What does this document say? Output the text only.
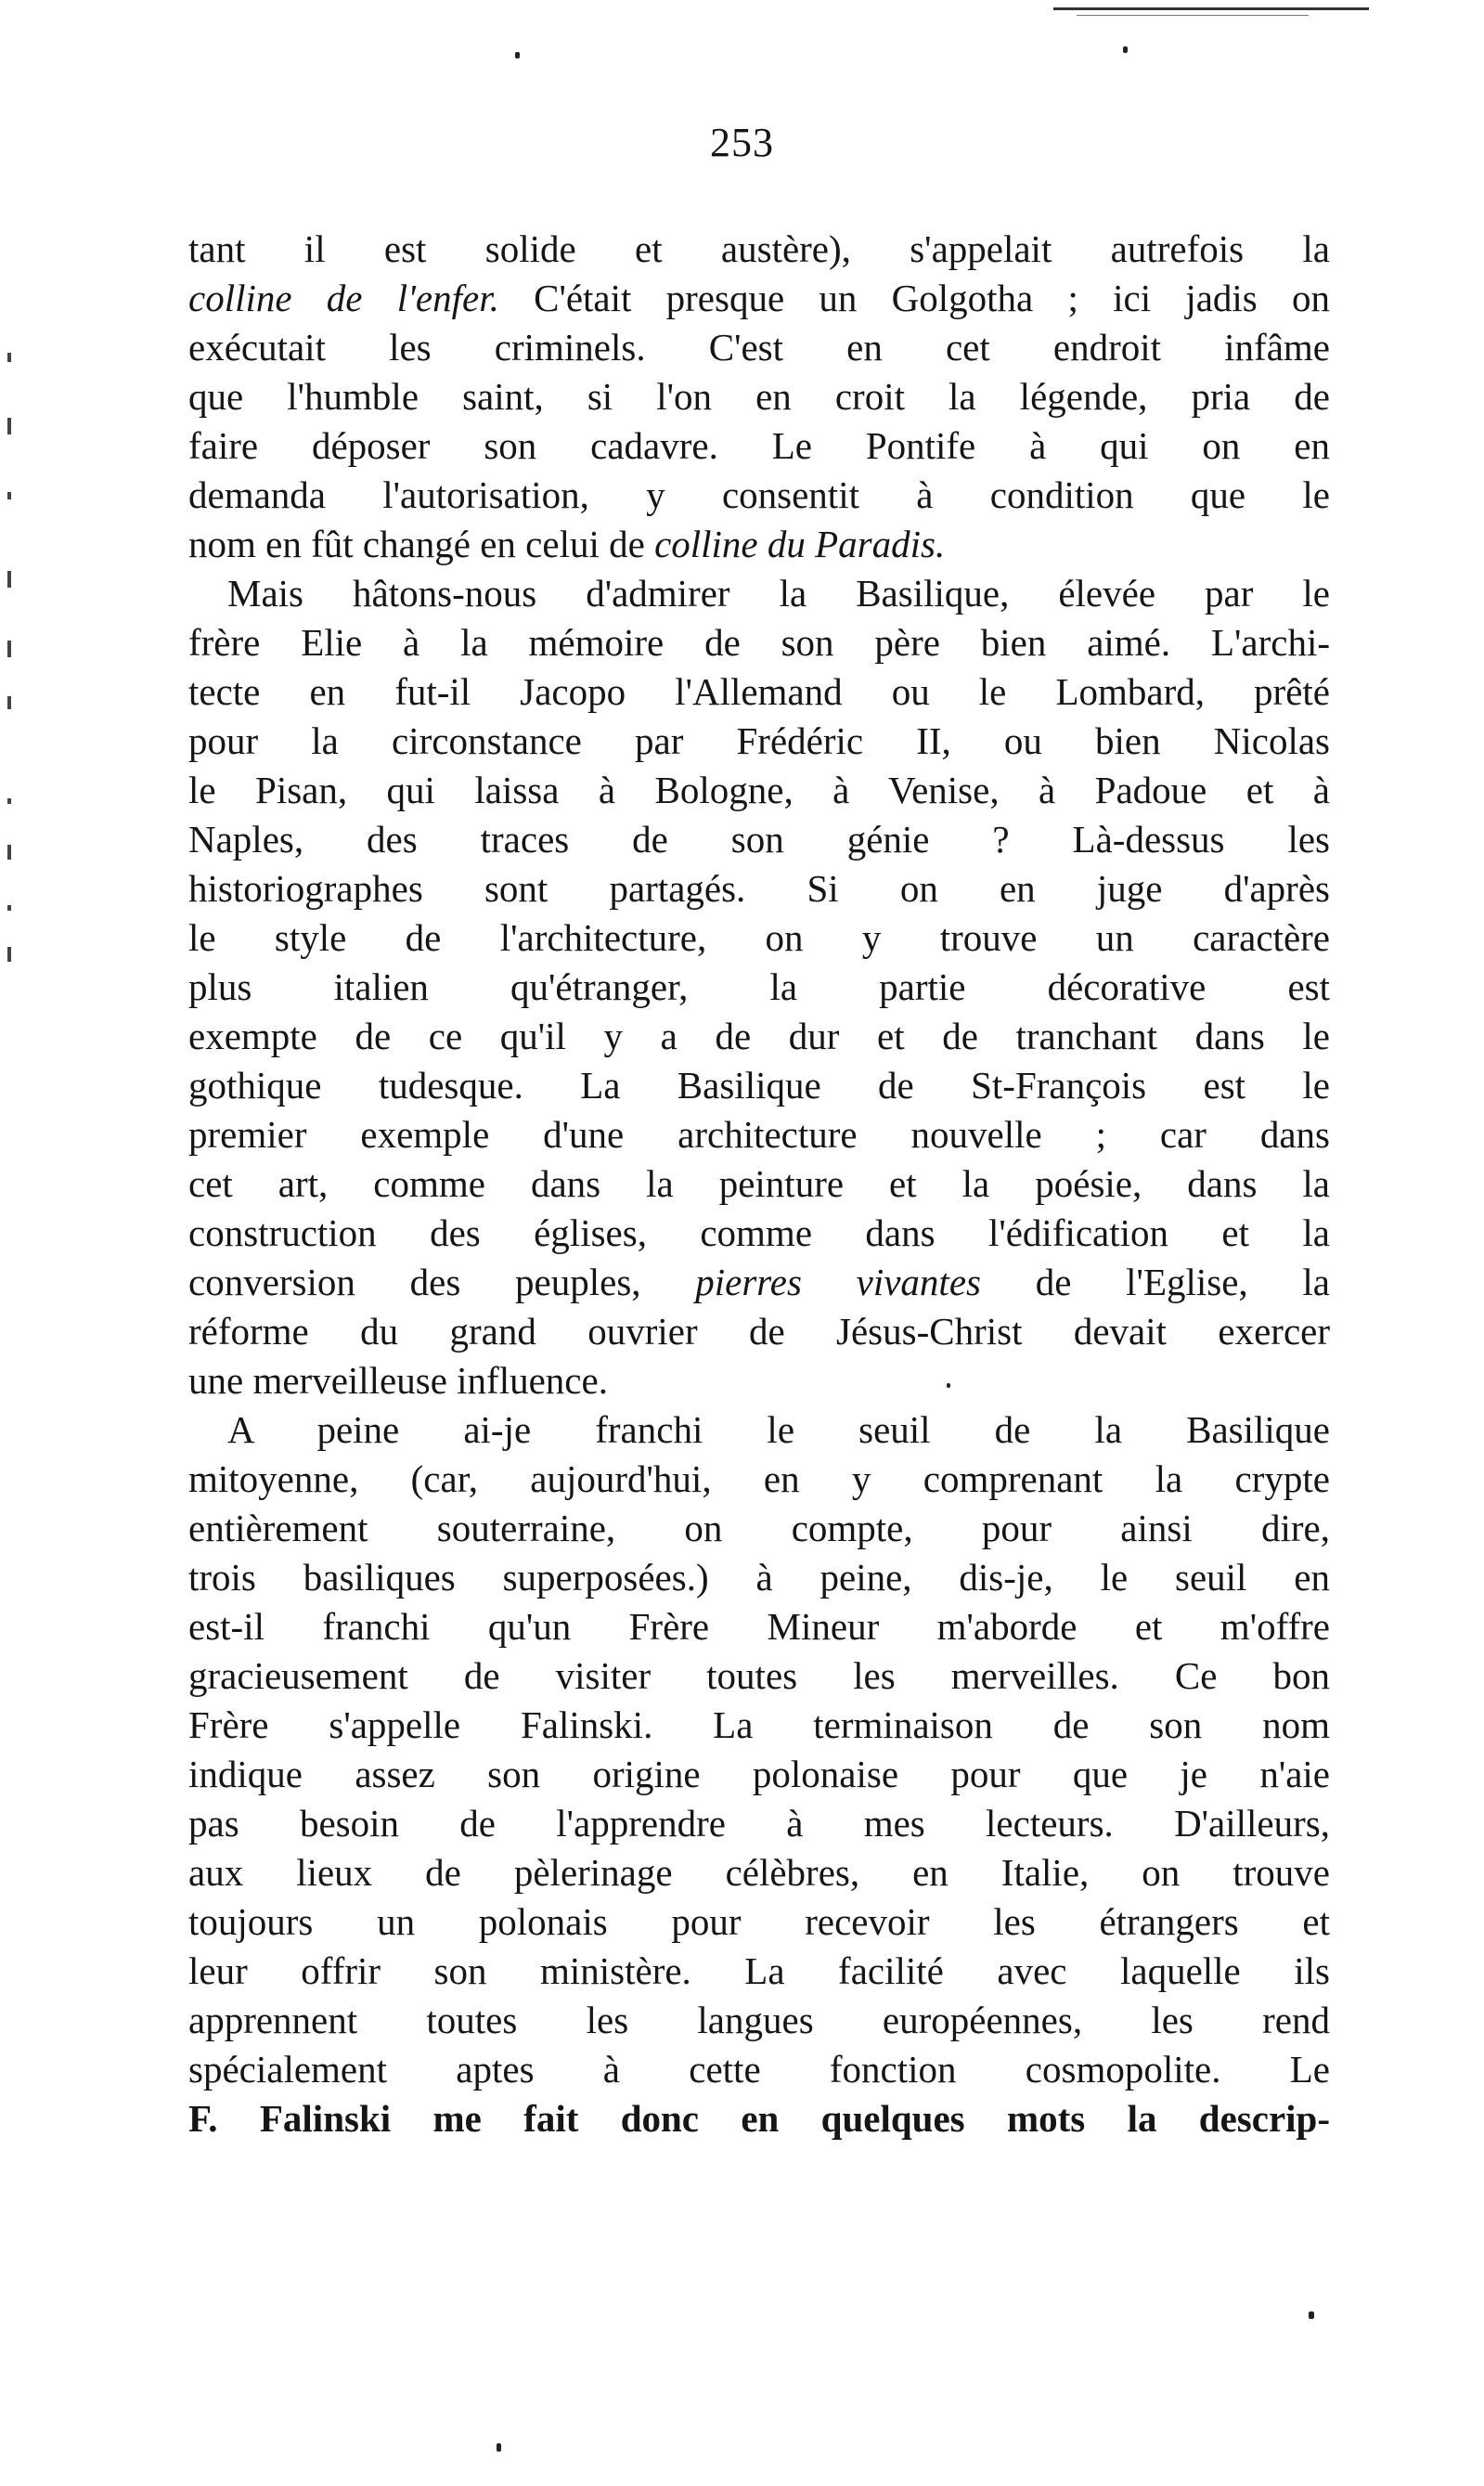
253
tant il est solide et austère), s'appelait autrefois la
colline de l'enfer. C'était presque un Golgotha ; ici jadis on
exécutait les criminels. C'est en cet endroit infâme
que l'humble saint, si l'on en croit la légende, pria de
faire déposer son cadavre. Le Pontife à qui on en
demanda l'autorisation, y consentit à condition que le
nom en fût changé en celui de colline du Paradis.
Mais hâtons-nous d'admirer la Basilique, élevée par le
frère Elie à la mémoire de son père bien aimé. L'archi-
tecte en fut-il Jacopo l'Allemand ou le Lombard, prêté
pour la circonstance par Frédéric II, ou bien Nicolas
le Pisan, qui laissa à Bologne, à Venise, à Padoue et à
Naples, des traces de son génie ? Là-dessus les
historiographes sont partagés. Si on en juge d'après
le style de l'architecture, on y trouve un caractère
plus italien qu'étranger, la partie décorative est
exempte de ce qu'il y a de dur et de tranchant dans le
gothique tudesque. La Basilique de St-François est le
premier exemple d'une architecture nouvelle ; car dans
cet art, comme dans la peinture et la poésie, dans la
construction des églises, comme dans l'édification et la
conversion des peuples, pierres vivantes de l'Eglise, la
réforme du grand ouvrier de Jésus-Christ devait exercer
une merveilleuse influence.
A peine ai-je franchi le seuil de la Basilique
mitoyenne, (car, aujourd'hui, en y comprenant la crypte
entièrement souterraine, on compte, pour ainsi dire,
trois basiliques superposées.) à peine, dis-je, le seuil en
est-il franchi qu'un Frère Mineur m'aborde et m'offre
gracieusement de visiter toutes les merveilles. Ce bon
Frère s'appelle Falinski. La terminaison de son nom
indique assez son origine polonaise pour que je n'aie
pas besoin de l'apprendre à mes lecteurs. D'ailleurs,
aux lieux de pèlerinage célèbres, en Italie, on trouve
toujours un polonais pour recevoir les étrangers et
leur offrir son ministère. La facilité avec laquelle ils
apprennent toutes les langues européennes, les rend
spécialement aptes à cette fonction cosmopolite. Le
F. Falinski me fait donc en quelques mots la descrip-
